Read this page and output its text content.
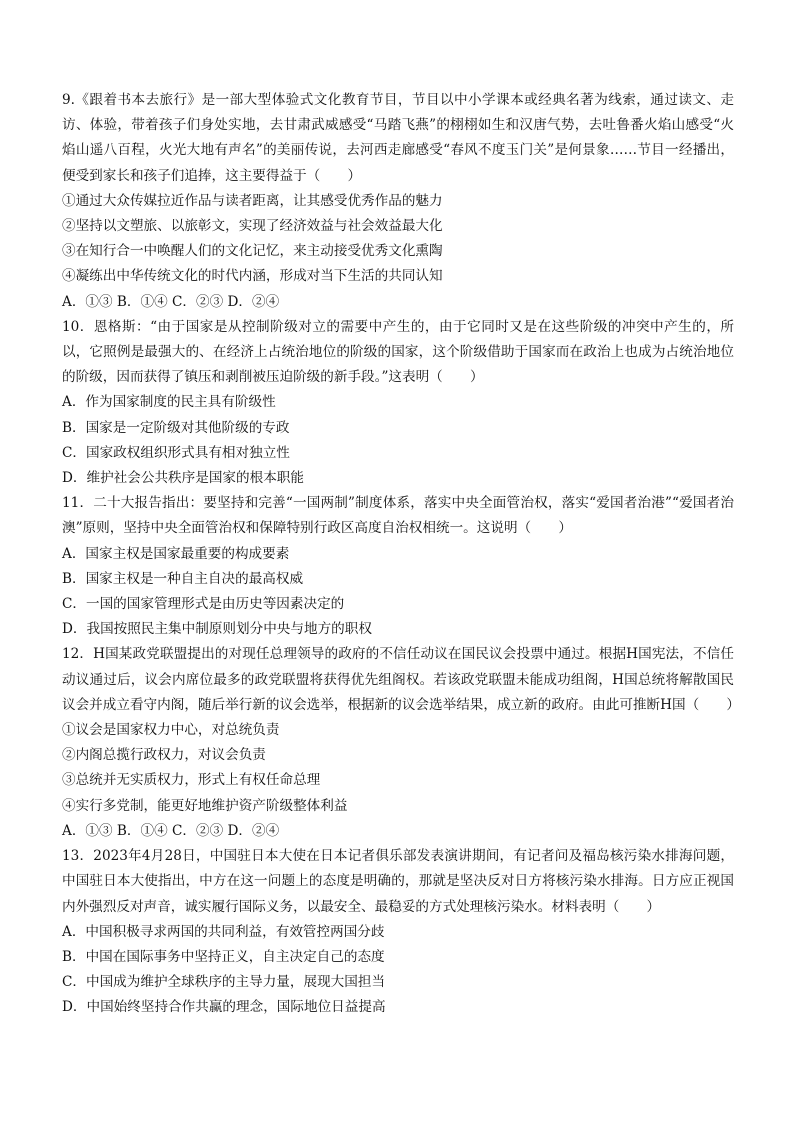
9.《跟着书本去旅行》是一部大型体验式文化教育节目，节目以中小学课本或经典名著为线索，通过读文、走访、体验，带着孩子们身处实地，去甘肃武威感受“马踏飞燕”的栩栩如生和汉唐气势，去吐鲁番火焰山感受“火焰山遥八百程，火光大地有声名”的美丽传说，去河西走廊感受“春风不度玉门关”是何景象……节目一经播出，便受到家长和孩子们追捧，这主要得益于（　　）

①通过大众传媒拉近作品与读者距离，让其感受优秀作品的魅力

②坚持以文塑旅、以旅彰文，实现了经济效益与社会效益最大化

③在知行合一中唤醒人们的文化记忆，来主动接受优秀文化熏陶

④凝练出中华传统文化的时代内涵，形成对当下生活的共同认知

A．①③ B．①④ C．②③ D．②④

10．恩格斯：“由于国家是从控制阶级对立的需要中产生的，由于它同时又是在这些阶级的冲突中产生的，所以，它照例是最强大的、在经济上占统治地位的阶级的国家，这个阶级借助于国家而在政治上也成为占统治地位的阶级，因而获得了镇压和剥削被压迫阶级的新手段。”这表明（　　）

A．作为国家制度的民主具有阶级性

B．国家是一定阶级对其他阶级的专政

C．国家政权组织形式具有相对独立性

D．维护社会公共秩序是国家的根本职能

11．二十大报告指出：要坚持和完善“一国两制”制度体系，落实中央全面管治权，落实“爱国者治港”“爱国者治澳”原则，坚持中央全面管治权和保障特别行政区高度自治权相统一。这说明（　　）

A．国家主权是国家最重要的构成要素

B．国家主权是一种自主自决的最高权威

C．一国的国家管理形式是由历史等因素决定的

D．我国按照民主集中制原则划分中央与地方的职权

12．H国某政党联盟提出的对现任总理领导的政府的不信任动议在国民议会投票中通过。根据H国宪法，不信任动议通过后，议会内席位最多的政党联盟将获得优先组阁权。若该政党联盟未能成功组阁，H国总统将解散国民议会并成立看守内阁，随后举行新的议会选举，根据新的议会选举结果，成立新的政府。由此可推断H国（　　）

①议会是国家权力中心，对总统负责

②内阁总揽行政权力，对议会负责

③总统并无实质权力，形式上有权任命总理

④实行多党制，能更好地维护资产阶级整体利益

A．①③ B．①④ C．②③ D．②④

13．2023年4月28日，中国驻日本大使在日本记者俱乐部发表演讲期间，有记者问及福岛核污染水排海问题，中国驻日本大使指出，中方在这一问题上的态度是明确的，那就是坚决反对日方将核污染水排海。日方应正视国内外强烈反对声音，诚实履行国际义务，以最安全、最稳妥的方式处理核污染水。材料表明（　　）

A．中国积极寻求两国的共同利益，有效管控两国分歧

B．中国在国际事务中坚持正义，自主决定自己的态度

C．中国成为维护全球秩序的主导力量，展现大国担当

D．中国始终坚持合作共赢的理念，国际地位日益提高
